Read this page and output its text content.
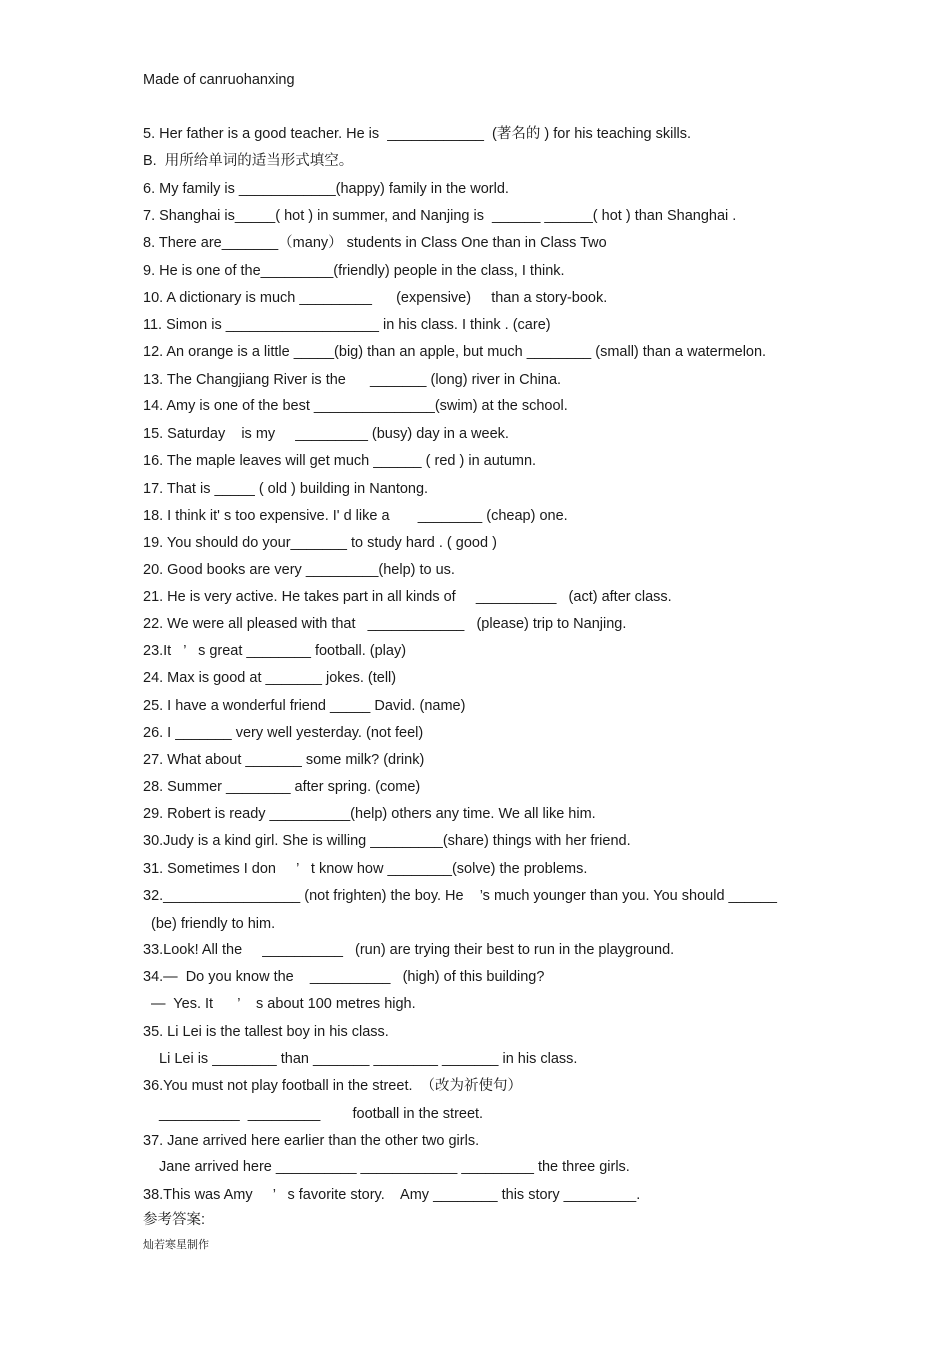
Made of canruohanxing
5. Her father is a good teacher. He is  ____________  (著名的 ) for his teaching skills.
B.  用所给单词的适当形式填空。
6. My family is ____________(happy) family in the world.
7. Shanghai is_____( hot ) in summer, and Nanjing is  ______ ______( hot ) than Shanghai .
8. There are_______（many） students in Class One than in Class Two
9. He is one of the_________(friendly) people in the class, I think.
10. A dictionary is much _________      (expensive)     than a story-book.
11. Simon is ___________________ in his class. I think . (care)
12. An orange is a little _____(big) than an apple, but much ________ (small) than a watermelon.
13. The Changjiang River is the      _______ (long) river in China.
14. Amy is one of the best _______________(swim) at the school.
15. Saturday    is my     _________ (busy) day in a week.
16. The maple leaves will get much ______ ( red ) in autumn.
17. That is _____ ( old ) building in Nantong.
18. I think it' s too expensive. I' d like a       ________ (cheap) one.
19. You should do your_______ to study hard . ( good )
20. Good books are very _________(help) to us.
21. He is very active. He takes part in all kinds of     __________   (act) after class.
22. We were all pleased with that   ____________   (please) trip to Nanjing.
23.It   ’   s great ________ football. (play)
24. Max is good at _______ jokes. (tell)
25. I have a wonderful friend _____ David. (name)
26. I _______ very well yesterday. (not feel)
27. What about _______ some milk? (drink)
28. Summer ________ after spring. (come)
29. Robert is ready __________(help) others any time. We all like him.
30.Judy is a kind girl. She is willing _________(share) things with her friend.
31. Sometimes I don     ’   t know how ________(solve) the problems.
32._________________ (not frighten) the boy. He    ’s much younger than you. You should ______
(be) friendly to him.
33.Look! All the     __________   (run) are trying their best to run in the playground.
34.—  Do you know the    __________   (high) of this building?
—  Yes. It      ’    s about 100 metres high.
35. Li Lei is the tallest boy in his class.
Li Lei is ________ than _______ ________ _______ in his class.
36.You must not play football in the street.  （改为祈使句）
__________  _________        football in the street.
37. Jane arrived here earlier than the other two girls.
Jane arrived here __________ ____________ _________ the three girls.
38.This was Amy     ’   s favorite story.    Amy ________ this story _________.
参考答案:
灿若寒星制作
